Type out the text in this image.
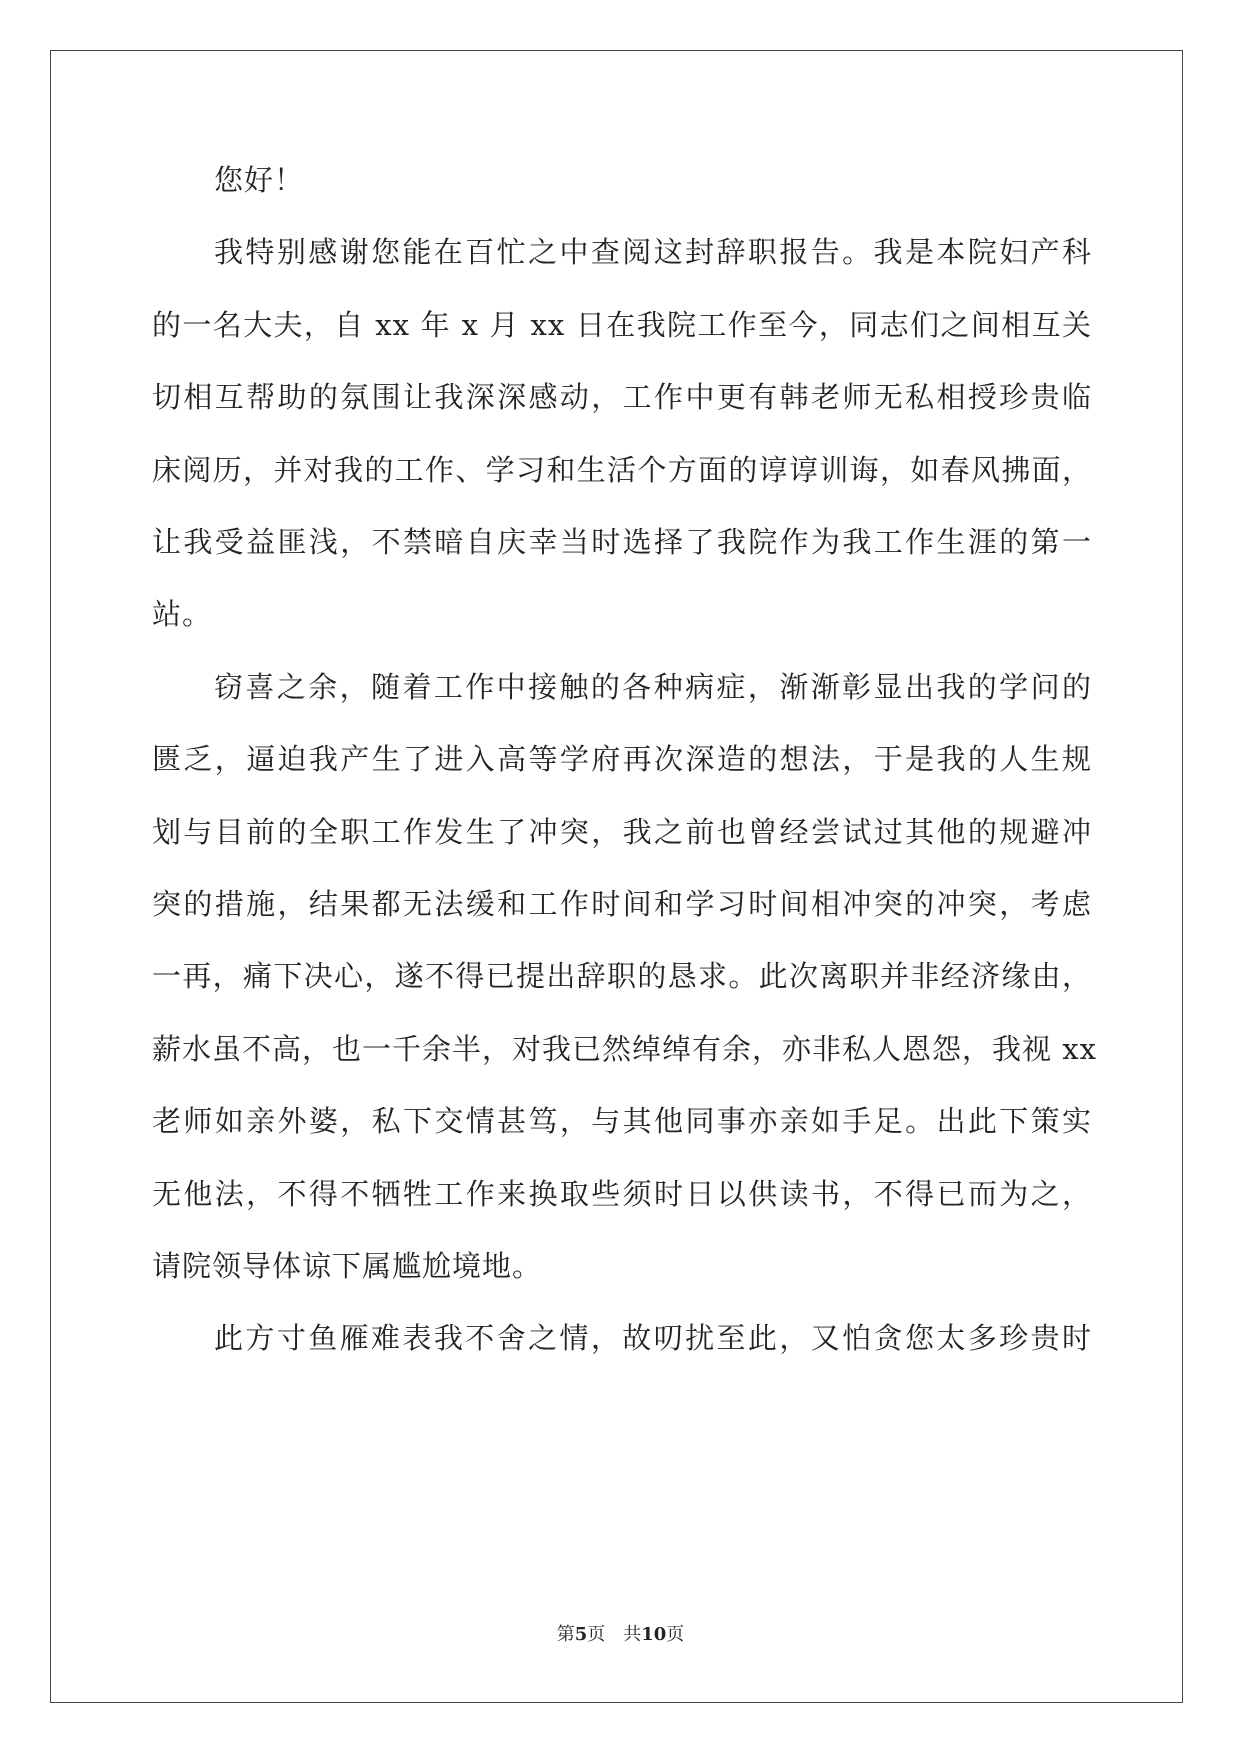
您好！
我特别感谢您能在百忙之中查阅这封辞职报告。我是本院妇产科
的一名大夫，自 xx 年 x 月 xx 日在我院工作至今，同志们之间相互关
切相互帮助的氛围让我深深感动，工作中更有韩老师无私相授珍贵临
床阅历，并对我的工作、学习和生活个方面的谆谆训诲，如春风拂面，
让我受益匪浅，不禁暗自庆幸当时选择了我院作为我工作生涯的第一
站。
窃喜之余，随着工作中接触的各种病症，渐渐彰显出我的学问的
匮乏，逼迫我产生了进入高等学府再次深造的想法，于是我的人生规
划与目前的全职工作发生了冲突，我之前也曾经尝试过其他的规避冲
突的措施，结果都无法缓和工作时间和学习时间相冲突的冲突，考虑
一再，痛下决心，遂不得已提出辞职的恳求。此次离职并非经济缘由，
薪水虽不高，也一千余半，对我已然绰绰有余，亦非私人恩怨，我视 xx
老师如亲外婆，私下交情甚笃，与其他同事亦亲如手足。出此下策实
无他法，不得不牺牲工作来换取些须时日以供读书，不得已而为之，
请院领导体谅下属尴尬境地。
此方寸鱼雁难表我不舍之情，故叨扰至此，又怕贪您太多珍贵时
第5页 共10页
